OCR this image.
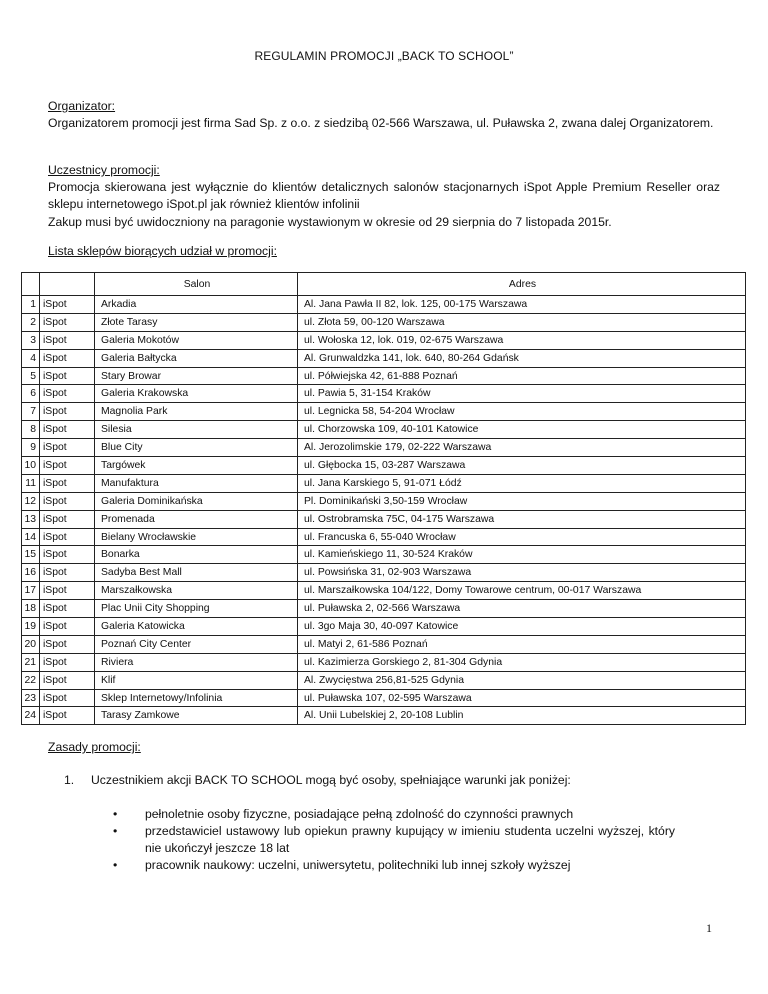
REGULAMIN PROMOCJI „BACK TO SCHOOL”
Organizator:
Organizatorem promocji jest firma Sad Sp. z o.o. z siedzibą 02-566 Warszawa, ul. Puławska 2, zwana dalej Organizatorem.
Uczestnicy promocji:
Promocja skierowana jest wyłącznie do klientów detalicznych salonów stacjonarnych iSpot Apple Premium Reseller oraz sklepu internetowego iSpot.pl jak również klientów infolinii
Zakup musi być uwidoczniony na paragonie wystawionym w okresie od 29 sierpnia do 7 listopada 2015r.
Lista sklepów biorących udział w promocji:
		Salon	Adres
1	iSpot	Arkadia	Al. Jana Pawła II 82, lok. 125, 00-175 Warszawa
2	iSpot	Złote Tarasy	ul. Złota 59, 00-120 Warszawa
3	iSpot	Galeria Mokotów	ul. Wołoska 12, lok. 019, 02-675 Warszawa
4	iSpot	Galeria Bałtycka	Al. Grunwaldzka 141, lok. 640, 80-264 Gdańsk
5	iSpot	Stary Browar	ul. Półwiejska 42, 61-888 Poznań
6	iSpot	Galeria Krakowska	ul. Pawia 5, 31-154 Kraków
7	iSpot	Magnolia Park	ul. Legnicka 58, 54-204 Wrocław
8	iSpot	Silesia	ul. Chorzowska 109, 40-101 Katowice
9	iSpot	Blue City	Al. Jerozolimskie 179, 02-222 Warszawa
10	iSpot	Targówek	ul. Głębocka 15, 03-287 Warszawa
11	iSpot	Manufaktura	ul. Jana Karskiego 5, 91-071 Łódź
12	iSpot	Galeria Dominikańska	Pl. Dominikański 3,50-159 Wrocław
13	iSpot	Promenada	ul. Ostrobramska 75C, 04-175 Warszawa
14	iSpot	Bielany Wrocławskie	ul. Francuska 6, 55-040 Wrocław
15	iSpot	Bonarka	ul. Kamieńskiego 11, 30-524 Kraków
16	iSpot	Sadyba Best Mall	ul. Powsińska 31, 02-903 Warszawa
17	iSpot	Marszałkowska	ul. Marszałkowska 104/122, Domy Towarowe centrum, 00-017 Warszawa
18	iSpot	Plac Unii City Shopping	ul. Puławska 2, 02-566 Warszawa
19	iSpot	Galeria Katowicka	ul. 3go Maja 30, 40-097 Katowice
20	iSpot	Poznań City Center	ul. Matyi 2, 61-586 Poznań
21	iSpot	Riviera	ul. Kazimierza Gorskiego 2, 81-304 Gdynia
22	iSpot	Klif	Al. Zwycięstwa 256,81-525 Gdynia
23	iSpot	Sklep Internetowy/Infolinia	ul. Puławska 107, 02-595 Warszawa
24	iSpot	Tarasy Zamkowe	Al. Unii Lubelskiej 2, 20-108 Lublin
Zasady promocji:
1. Uczestnikiem akcji BACK TO SCHOOL mogą być osoby, spełniające warunki jak poniżej:
• pełnoletnie osoby fizyczne, posiadające pełną zdolność do czynności prawnych
• przedstawiciel ustawowy lub opiekun prawny kupujący w imieniu studenta uczelni wyższej, który nie ukończył jeszcze 18 lat
• pracownik naukowy: uczelni, uniwersytetu, politechniki lub innej szkoły wyższej
1
